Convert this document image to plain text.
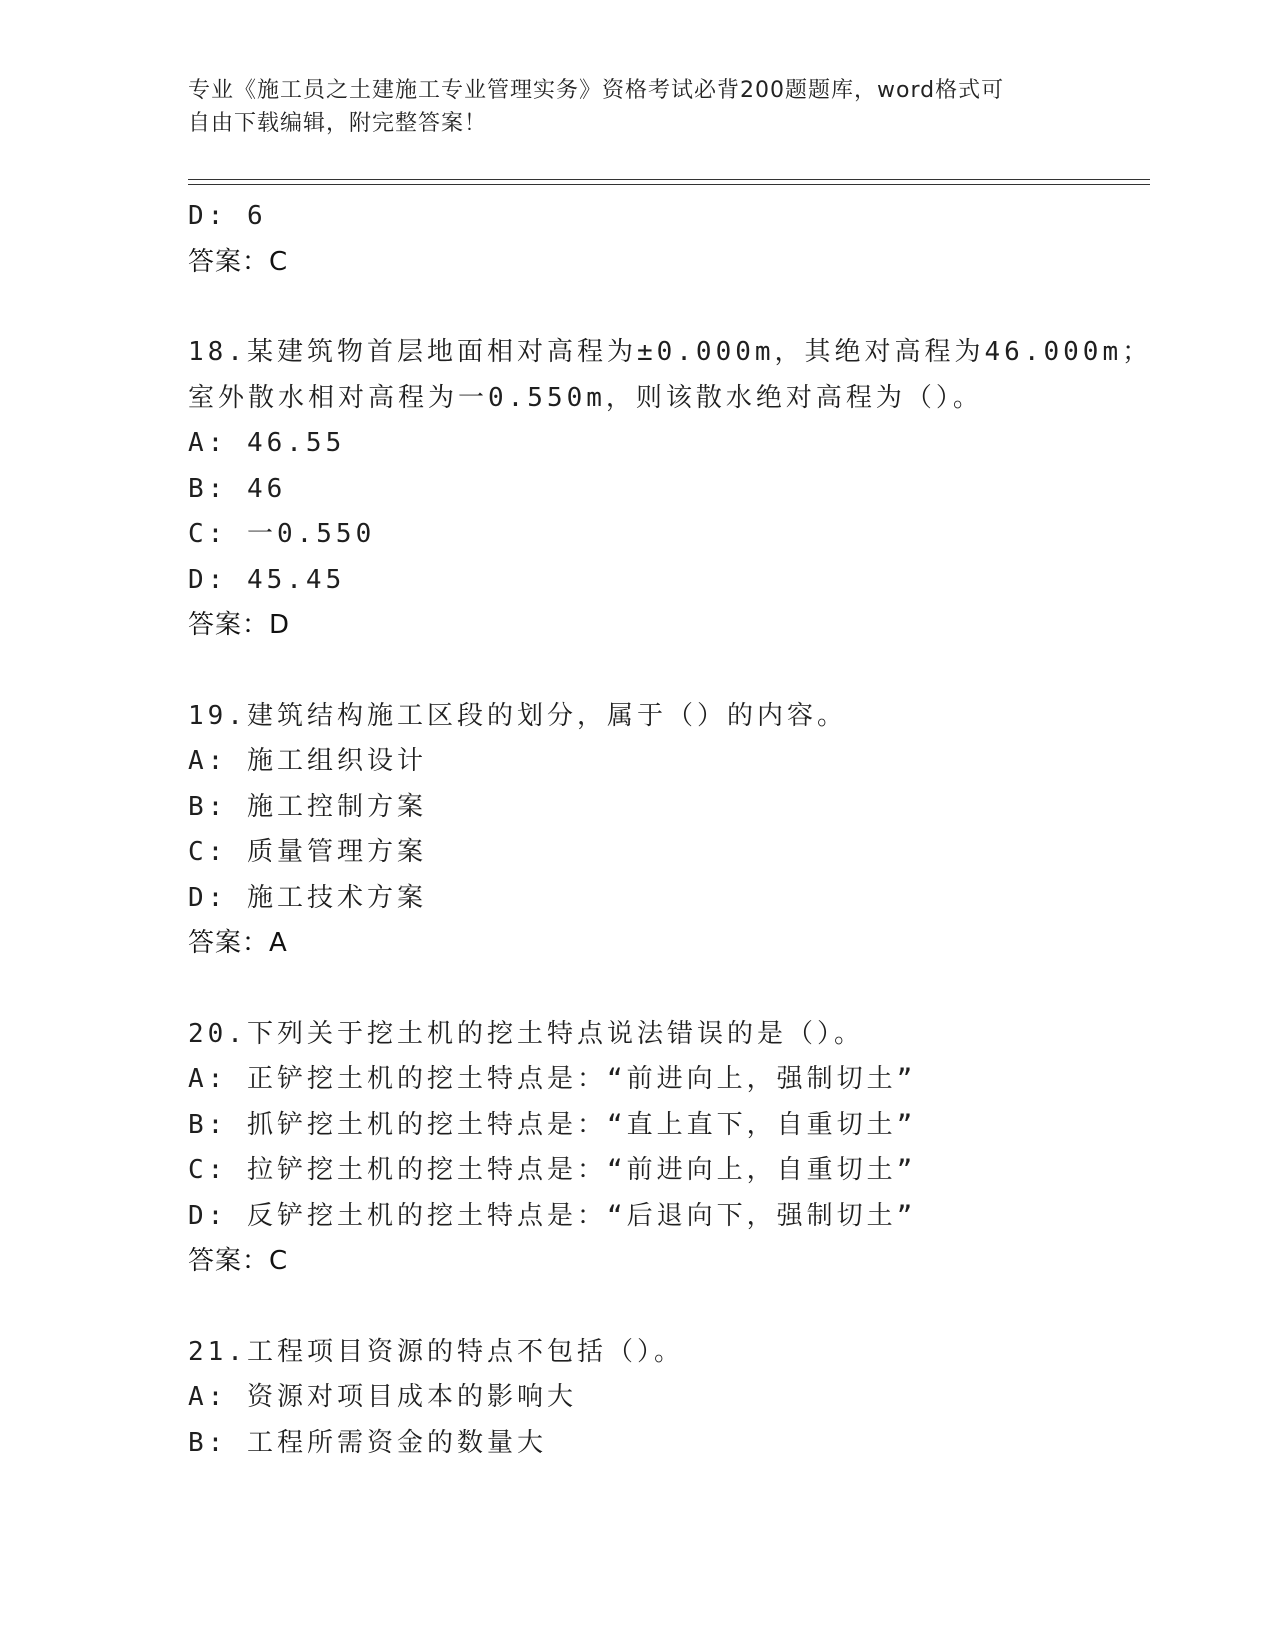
专业《施工员之土建施工专业管理实务》资格考试必背200题题库，word格式可
自由下载编辑，附完整答案！
D: 6
答案：C
18.某建筑物首层地面相对高程为±0.000m，其绝对高程为46.000m；
室外散水相对高程为一0.550m，则该散水绝对高程为（）。
A: 46.55
B: 46
C: 一0.550
D: 45.45
答案：D
19.建筑结构施工区段的划分，属于（）的内容。
A: 施工组织设计
B: 施工控制方案
C: 质量管理方案
D: 施工技术方案
答案：A
20.下列关于挖土机的挖土特点说法错误的是（）。
A: 正铲挖土机的挖土特点是：“前进向上，强制切土”
B: 抓铲挖土机的挖土特点是：“直上直下，自重切土”
C: 拉铲挖土机的挖土特点是：“前进向上，自重切土”
D: 反铲挖土机的挖土特点是：“后退向下，强制切土”
答案：C
21.工程项目资源的特点不包括（）。
A: 资源对项目成本的影响大
B: 工程所需资金的数量大
